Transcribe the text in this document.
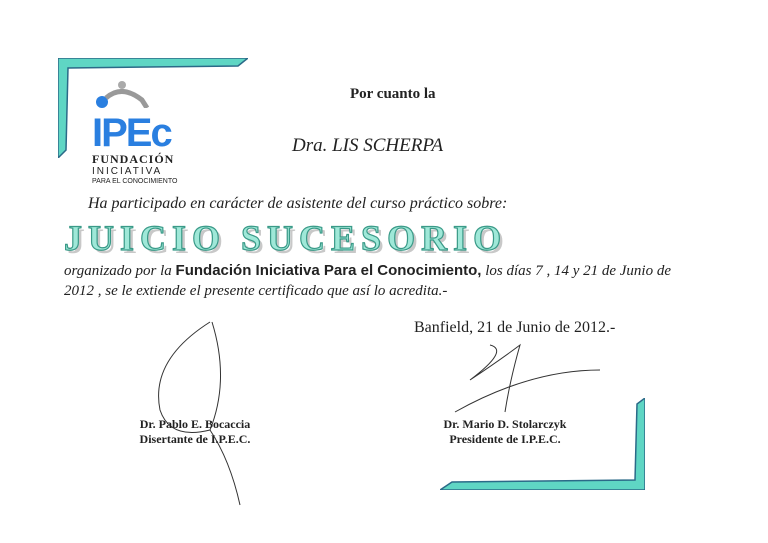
IPEc
FUNDACIÓN
INICIATIVA
PARA EL CONOCIMIENTO
Por cuanto la
Dra. LIS SCHERPA
Ha participado en carácter de asistente del curso práctico sobre:
JUICIO SUCESORIO
organizado por la Fundación Iniciativa Para el Conocimiento, los días 7 , 14 y 21 de Junio de 2012 , se le extiende el presente certificado que así lo acredita.-
Banfield, 21 de Junio de 2012.-
Dr. Pablo E. Bocaccia
Disertante de I.P.E.C.
Dr. Mario D. Stolarczyk
Presidente de I.P.E.C.
